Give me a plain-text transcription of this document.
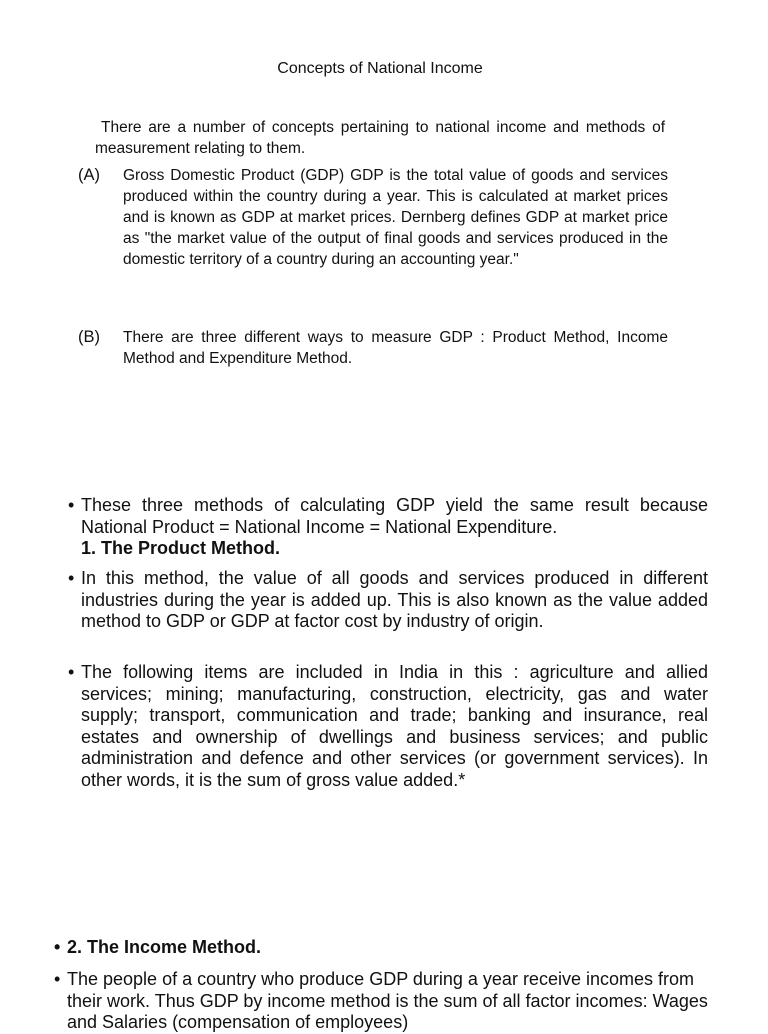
Concepts of National Income
There are a number of concepts pertaining to national income and methods of measurement relating to them.
(A) Gross Domestic Product (GDP) GDP is the total value of goods and services produced within the country during a year. This is calculated at market prices and is known as GDP at market prices. Dernberg defines GDP at market price as "the market value of the output of final goods and services produced in the domestic territory of a country during an accounting year."
(B) There are three different ways to measure GDP : Product Method, Income Method and Expenditure Method.
• These three methods of calculating GDP yield the same result because National Product = National Income = National Expenditure.
1. The Product Method.
• In this method, the value of all goods and services produced in different industries during the year is added up. This is also known as the value added method to GDP or GDP at factor cost by industry of origin.
• The following items are included in India in this : agriculture and allied services; mining; manufacturing, construction, electricity, gas and water supply; transport, communication and trade; banking and insurance, real estates and ownership of dwellings and business services; and public administration and defence and other services (or government services). In other words, it is the sum of gross value added.*
• 2. The Income Method.
• The people of a country who produce GDP during a year receive incomes from their work. Thus GDP by income method is the sum of all factor incomes: Wages and Salaries (compensation of employees)
